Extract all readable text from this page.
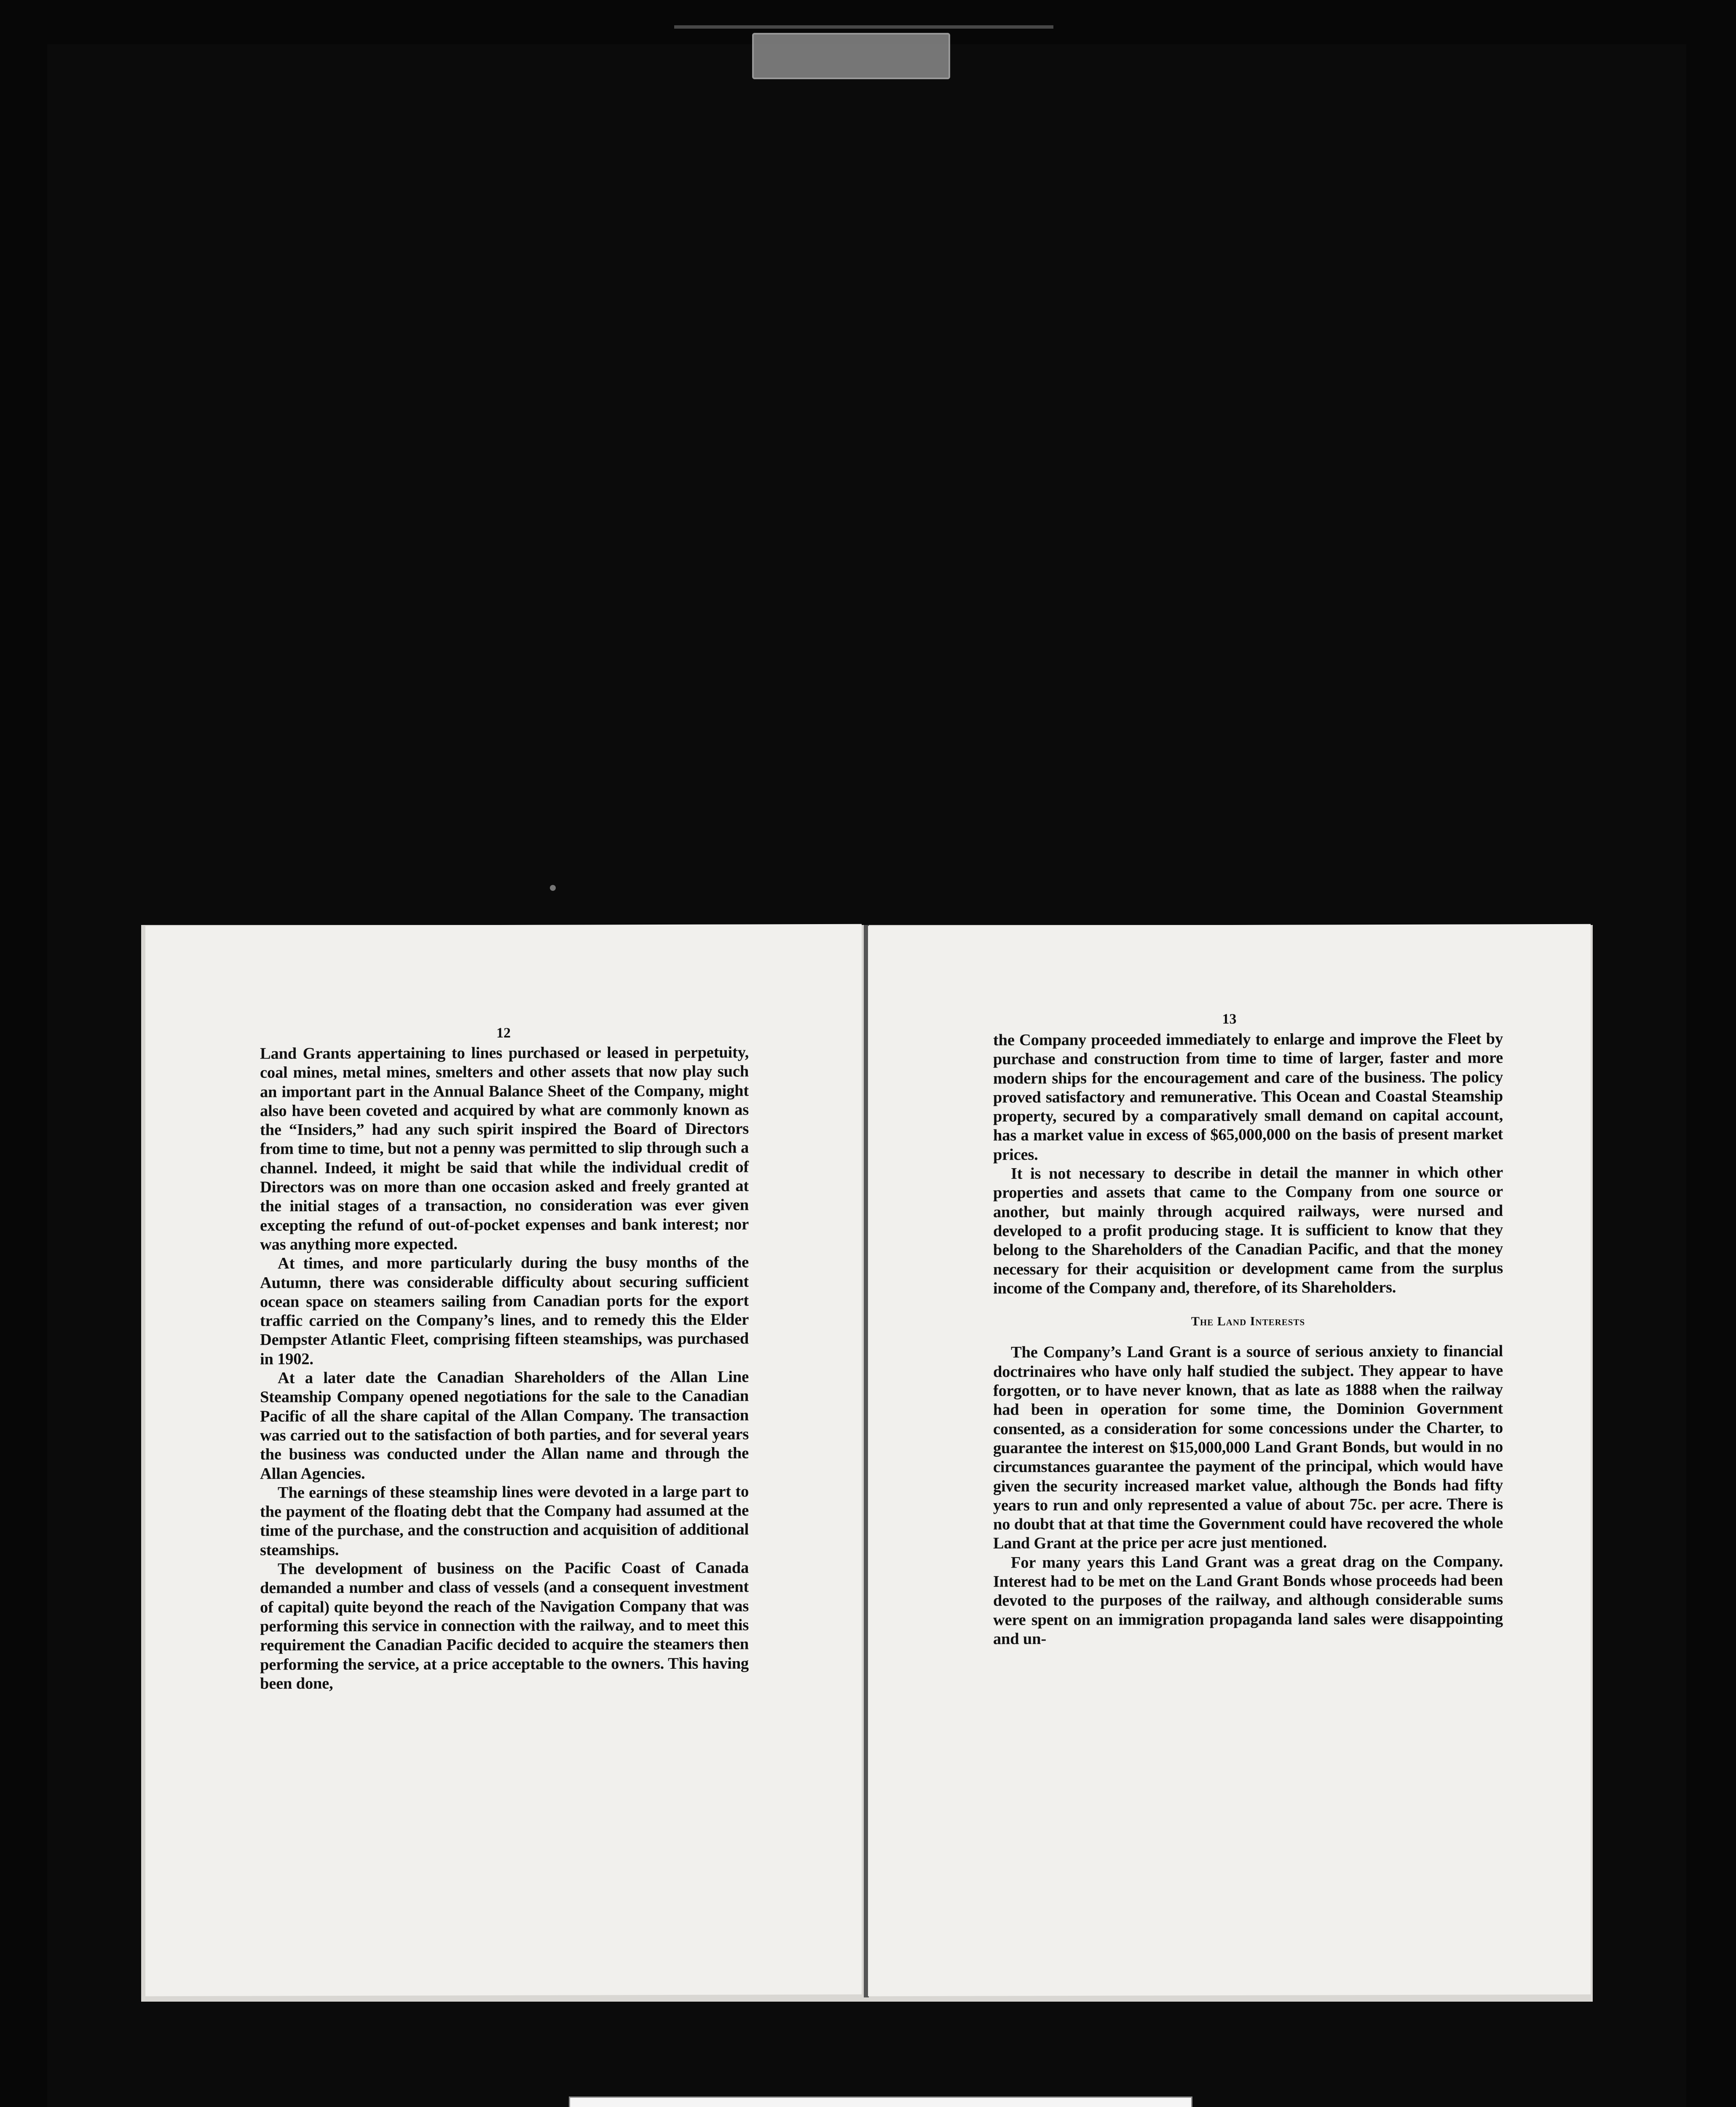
12

Land Grants appertaining to lines purchased or leased in perpetuity, coal mines, metal mines, smelters and other assets that now play such an important part in the Annual Balance Sheet of the Company, might also have been coveted and acquired by what are commonly known as the “Insiders,” had any such spirit inspired the Board of Directors from time to time, but not a penny was permitted to slip through such a channel. Indeed, it might be said that while the individual credit of Directors was on more than one occasion asked and freely granted at the initial stages of a transaction, no consideration was ever given excepting the refund of out-of-pocket expenses and bank interest; nor was anything more expected.

At times, and more particularly during the busy months of the Autumn, there was considerable difficulty about securing sufficient ocean space on steamers sailing from Canadian ports for the export traffic carried on the Company’s lines, and to remedy this the Elder Dempster Atlantic Fleet, comprising fifteen steamships, was purchased in 1902.

At a later date the Canadian Shareholders of the Allan Line Steamship Company opened negotiations for the sale to the Canadian Pacific of all the share capital of the Allan Company. The transaction was carried out to the satisfaction of both parties, and for several years the business was conducted under the Allan name and through the Allan Agencies.

The earnings of these steamship lines were devoted in a large part to the payment of the floating debt that the Company had assumed at the time of the purchase, and the construction and acquisition of additional steamships.

The development of business on the Pacific Coast of Canada demanded a number and class of vessels (and a consequent investment of capital) quite beyond the reach of the Navigation Company that was performing this service in connection with the railway, and to meet this requirement the Canadian Pacific decided to acquire the steamers then performing the service, at a price acceptable to the owners. This having been done,

13

the Company proceeded immediately to enlarge and improve the Fleet by purchase and construction from time to time of larger, faster and more modern ships for the encouragement and care of the business. The policy proved satisfactory and remunerative. This Ocean and Coastal Steamship property, secured by a comparatively small demand on capital account, has a market value in excess of $65,000,000 on the basis of present market prices.

It is not necessary to describe in detail the manner in which other properties and assets that came to the Company from one source or another, but mainly through acquired railways, were nursed and developed to a profit producing stage. It is sufficient to know that they belong to the Shareholders of the Canadian Pacific, and that the money necessary for their acquisition or development came from the surplus income of the Company and, therefore, of its Shareholders.

The Land Interests

The Company’s Land Grant is a source of serious anxiety to financial doctrinaires who have only half studied the subject. They appear to have forgotten, or to have never known, that as late as 1888 when the railway had been in operation for some time, the Dominion Government consented, as a consideration for some concessions under the Charter, to guarantee the interest on $15,000,000 Land Grant Bonds, but would in no circumstances guarantee the payment of the principal, which would have given the security increased market value, although the Bonds had fifty years to run and only represented a value of about 75c. per acre. There is no doubt that at that time the Government could have recovered the whole Land Grant at the price per acre just mentioned.

For many years this Land Grant was a great drag on the Company. Interest had to be met on the Land Grant Bonds whose proceeds had been devoted to the purposes of the railway, and although considerable sums were spent on an immigration propaganda land sales were disappointing and un-
